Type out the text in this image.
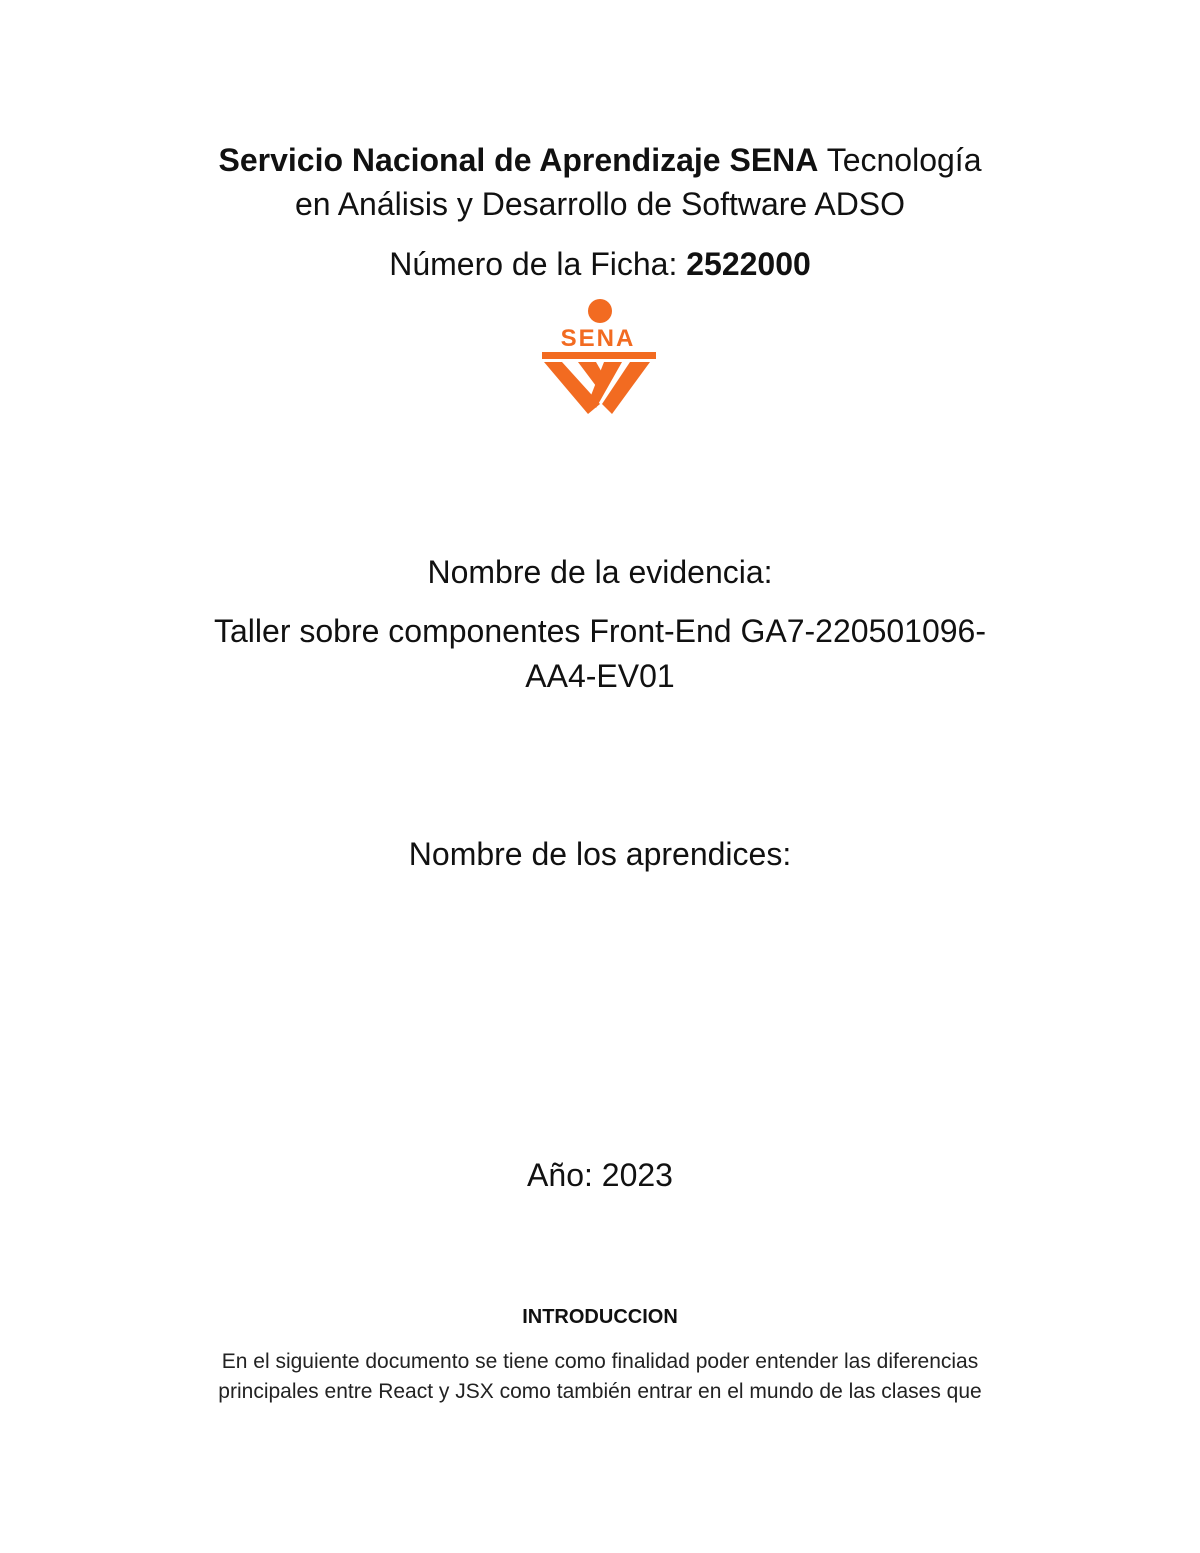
Servicio Nacional de Aprendizaje SENA Tecnología
en Análisis y Desarrollo de Software ADSO
Número de la Ficha: 2522000
SENA
Nombre de la evidencia:
Taller sobre componentes Front-End GA7-220501096-
AA4-EV01
Nombre de los aprendices:
Año: 2023
INTRODUCCION
En el siguiente documento se tiene como finalidad poder entender las diferencias
principales entre React y JSX como también entrar en el mundo de las clases que
